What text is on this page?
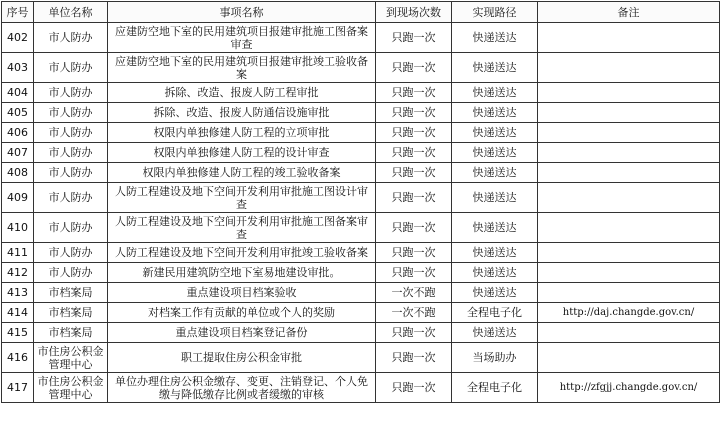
序号	单位名称	事项名称	到现场次数	实现路径	备注
402	市人防办	应建防空地下室的民用建筑项目报建审批施工图备案审查	只跑一次	快递送达	
403	市人防办	应建防空地下室的民用建筑项目报建审批竣工验收备案	只跑一次	快递送达	
404	市人防办	拆除、改造、报废人防工程审批	只跑一次	快递送达	
405	市人防办	拆除、改造、报废人防通信设施审批	只跑一次	快递送达	
406	市人防办	权限内单独修建人防工程的立项审批	只跑一次	快递送达	
407	市人防办	权限内单独修建人防工程的设计审查	只跑一次	快递送达	
408	市人防办	权限内单独修建人防工程的竣工验收备案	只跑一次	快递送达	
409	市人防办	人防工程建设及地下空间开发利用审批施工图设计审查	只跑一次	快递送达	
410	市人防办	人防工程建设及地下空间开发利用审批施工图备案审查	只跑一次	快递送达	
411	市人防办	人防工程建设及地下空间开发利用审批竣工验收备案	只跑一次	快递送达	
412	市人防办	新建民用建筑防空地下室易地建设审批。	只跑一次	快递送达	
413	市档案局	重点建设项目档案验收	一次不跑	快递送达	
414	市档案局	对档案工作有贡献的单位或个人的奖励	一次不跑	全程电子化	http://daj.changde.gov.cn/
415	市档案局	重点建设项目档案登记备份	只跑一次	快递送达	
416	市住房公积金管理中心	职工提取住房公积金审批	只跑一次	当场助办	
417	市住房公积金管理中心	单位办理住房公积金缴存、变更、注销登记、个人免缴与降低缴存比例或者缓缴的审核	只跑一次	全程电子化	http://zfgjj.changde.gov.cn/
